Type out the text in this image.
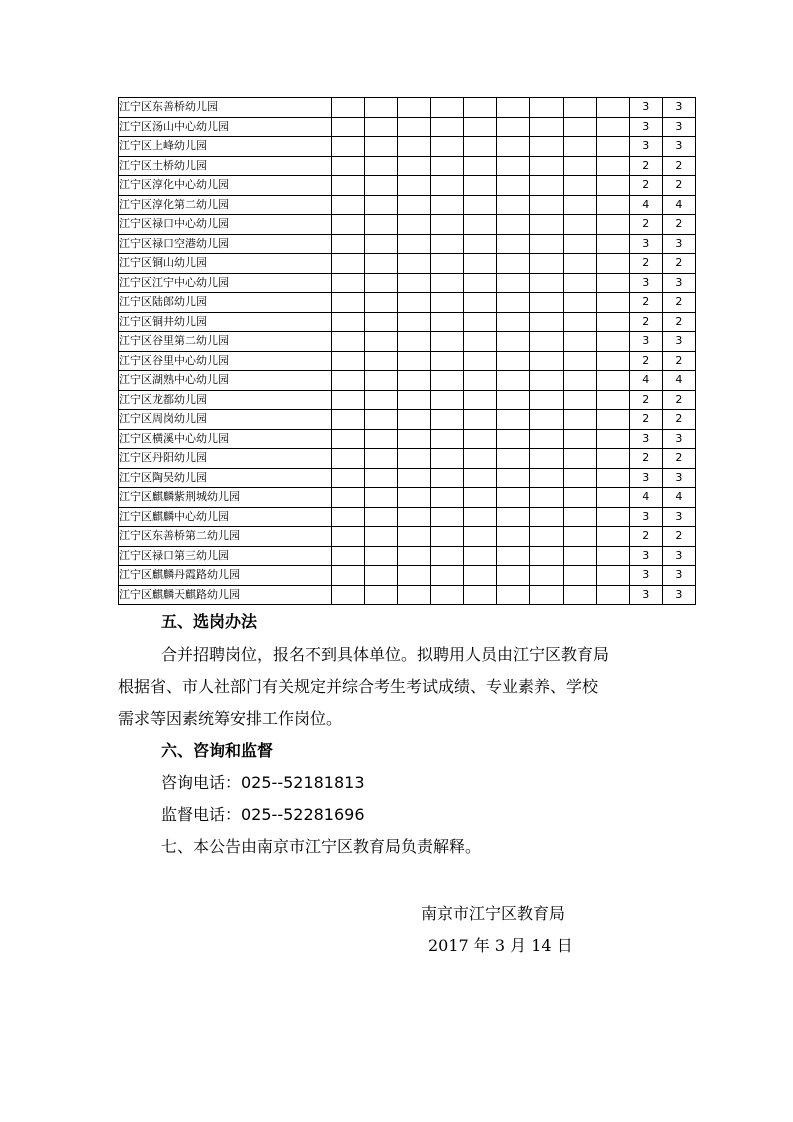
江宁区东善桥幼儿园										3	3
江宁区汤山中心幼儿园										3	3
江宁区上峰幼儿园										3	3
江宁区土桥幼儿园										2	2
江宁区淳化中心幼儿园										2	2
江宁区淳化第二幼儿园										4	4
江宁区禄口中心幼儿园										2	2
江宁区禄口空港幼儿园										3	3
江宁区铜山幼儿园										2	2
江宁区江宁中心幼儿园										3	3
江宁区陆郎幼儿园										2	2
江宁区铜井幼儿园										2	2
江宁区谷里第二幼儿园										3	3
江宁区谷里中心幼儿园										2	2
江宁区湖熟中心幼儿园										4	4
江宁区龙都幼儿园										2	2
江宁区周岗幼儿园										2	2
江宁区横溪中心幼儿园										3	3
江宁区丹阳幼儿园										2	2
江宁区陶吴幼儿园										3	3
江宁区麒麟紫荆城幼儿园										4	4
江宁区麒麟中心幼儿园										3	3
江宁区东善桥第二幼儿园										2	2
江宁区禄口第三幼儿园										3	3
江宁区麒麟丹霞路幼儿园										3	3
江宁区麒麟天麒路幼儿园										3	3
五、选岗办法
合并招聘岗位，报名不到具体单位。拟聘用人员由江宁区教育局
根据省、市人社部门有关规定并综合考生考试成绩、专业素养、学校
需求等因素统筹安排工作岗位。
六、咨询和监督
咨询电话：025--52181813
监督电话：025--52281696
七、本公告由南京市江宁区教育局负责解释。
南京市江宁区教育局
2017 年 3 月 14 日
